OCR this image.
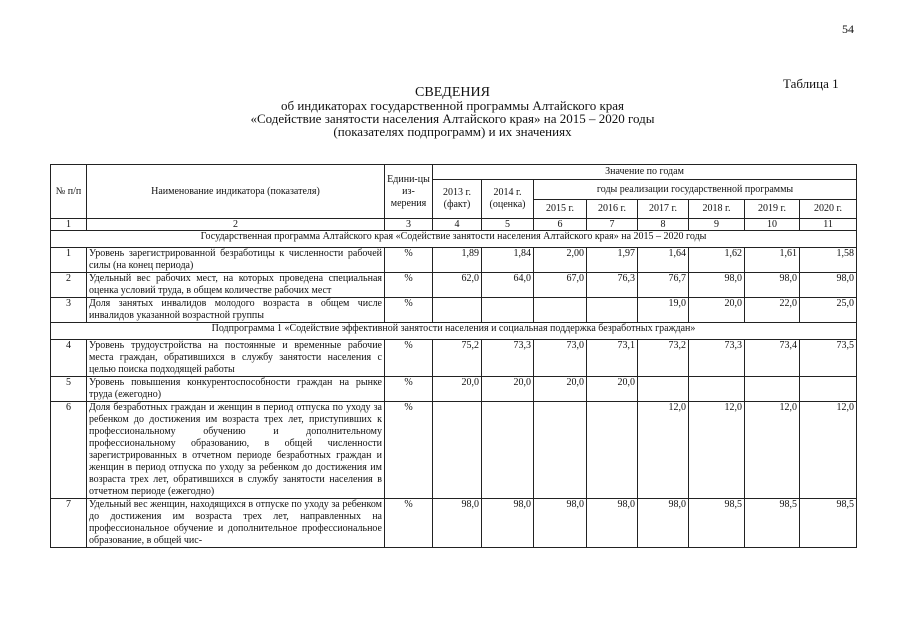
54
Таблица 1
СВЕДЕНИЯ
об индикаторах государственной программы Алтайского края
«Содействие занятости населения Алтайского края» на 2015 – 2020 годы
(показателях подпрограмм) и их значениях
№ п/п	Наименование индикатора (показателя)	Едини-цы из-мерения	Значение по годам							
			2013 г. (факт)	2014 г. (оценка)	годы реализации государственной программы					
					2015 г.	2016 г.	2017 г.	2018 г.	2019 г.	2020 г.
1	2	3	4	5	6	7	8	9	10	11
Государственная программа Алтайского края «Содействие занятости населения Алтайского края» на 2015 – 2020 годы										
1	Уровень зарегистрированной безработицы к численности рабочей силы (на конец периода)	%	1,89	1,84	2,00	1,97	1,64	1,62	1,61	1,58
2	Удельный вес рабочих мест, на которых проведена специальная оценка условий труда, в общем количестве рабочих мест	%	62,0	64,0	67,0	76,3	76,7	98,0	98,0	98,0
3	Доля занятых инвалидов молодого возраста в общем числе инвалидов указанной возрастной группы	%					19,0	20,0	22,0	25,0
Подпрограмма 1 «Содействие эффективной занятости населения и социальная поддержка безработных граждан»										
4	Уровень трудоустройства на постоянные и временные рабочие места граждан, обратившихся в службу занятости населения с целью поиска подходящей работы	%	75,2	73,3	73,0	73,1	73,2	73,3	73,4	73,5
5	Уровень повышения конкурентоспособности граждан на рынке труда (ежегодно)	%	20,0	20,0	20,0	20,0				
6	Доля безработных граждан и женщин в период отпуска по уходу за ребенком до достижения им возраста трех лет, приступивших к профессиональному обучению и дополнительному профессиональному образованию, в общей численности зарегистрированных в отчетном периоде безработных граждан и женщин в период отпуска по уходу за ребенком до достижения им возраста трех лет, обратившихся в службу занятости населения в отчетном периоде (ежегодно)	%					12,0	12,0	12,0	12,0
7	Удельный вес женщин, находящихся в отпуске по уходу за ребенком до достижения им возраста трех лет, направленных на профессиональное обучение и дополнительное профессиональное образование, в общей чис-	%	98,0	98,0	98,0	98,0	98,0	98,5	98,5	98,5
